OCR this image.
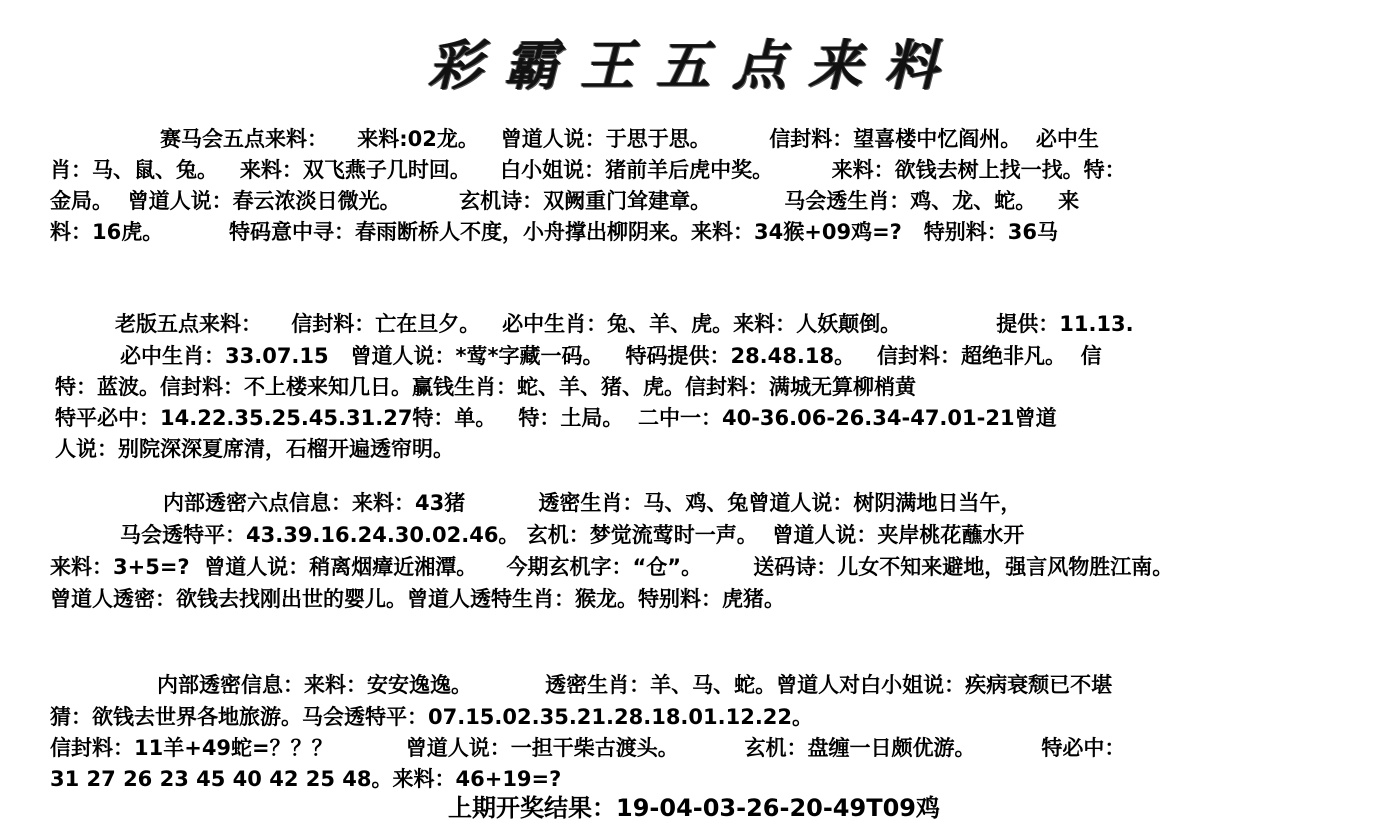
彩霸王五点来料
赛马会五点来料：    来料:02龙。   曾道人说：于思于思。        信封料：望喜楼中忆阎州。  必中生
肖：马、鼠、兔。   来料：双飞燕子几时回。    白小姐说：猪前羊后虎中奖。        来料：欲钱去树上找一找。特：
金局。  曾道人说：春云浓淡日微光。        玄机诗：双阙重门耸建章。          马会透生肖：鸡、龙、蛇。   来
料：16虎。         特码意中寻：春雨断桥人不度，小舟撑出柳阴来。来料：34猴+09鸡=?   特别料：36马
老版五点来料：    信封料：亡在旦夕。   必中生肖：兔、羊、虎。来料：人妖颠倒。             提供：11.13.
必中生肖：33.07.15   曾道人说：*莺*字藏一码。   特码提供：28.48.18。   信封料：超绝非凡。  信
特：蓝波。信封料：不上楼来知几日。赢钱生肖：蛇、羊、猪、虎。信封料：满城无算柳梢黄
特平必中：14.22.35.25.45.31.27特：单。   特：土局。  二中一：40-36.06-26.34-47.01-21曾道
人说：别院深深夏席清，石榴开遍透帘明。
内部透密六点信息：来料：43猪          透密生肖：马、鸡、兔曾道人说：树阴满地日当午，
马会透特平：43.39.16.24.30.02.46。 玄机：梦觉流莺时一声。  曾道人说：夹岸桃花蘸水开
来料：3+5=?  曾道人说：稍离烟瘴近湘潭。    今期玄机字：“仓”。       送码诗：儿女不知来避地，强言风物胜江南。
曾道人透密：欲钱去找刚出世的婴儿。曾道人透特生肖：猴龙。特别料：虎猪。
内部透密信息：来料：安安逸逸。          透密生肖：羊、马、蛇。曾道人对白小姐说：疾病衰颓已不堪
猜：欲钱去世界各地旅游。马会透特平：07.15.02.35.21.28.18.01.12.22。
信封料：11羊+49蛇=？？？          曾道人说：一担干柴古渡头。         玄机：盘缠一日颇优游。         特必中：
31 27 26 23 45 40 42 25 48。来料：46+19=?
上期开奖结果：19-04-03-26-20-49T09鸡
